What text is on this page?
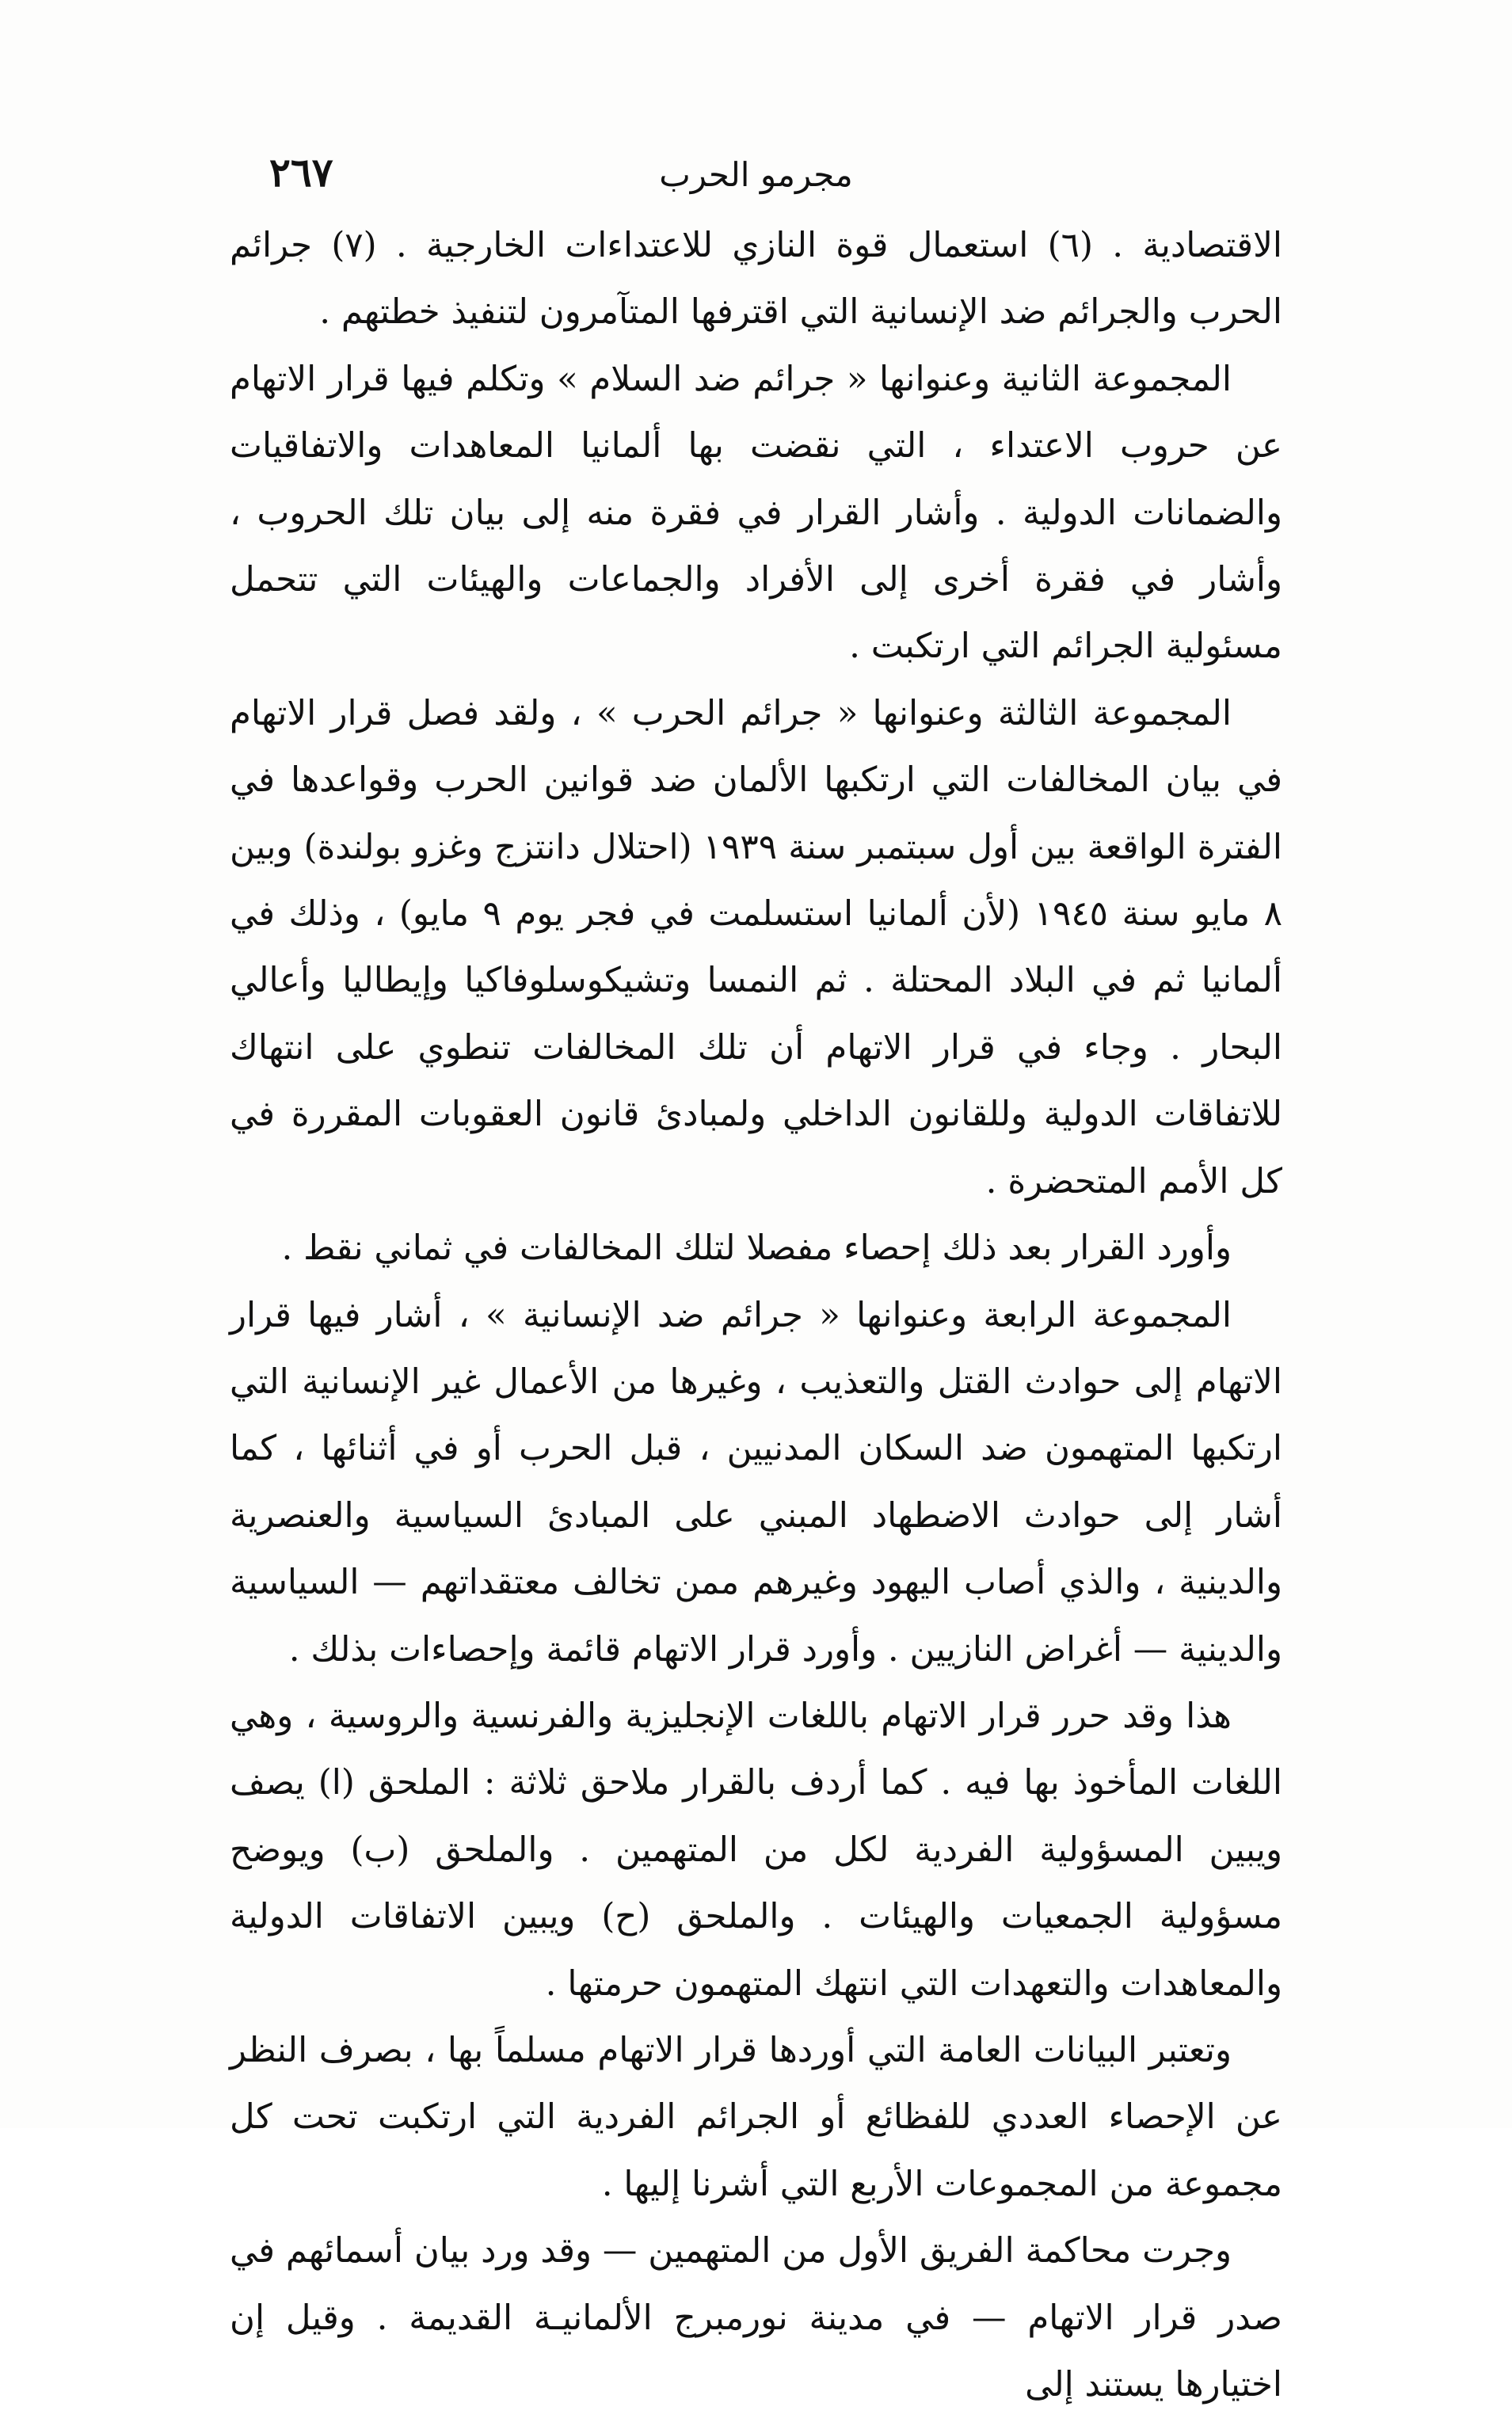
٢٦٧	مجرمو الحرب

الاقتصادية . (٦) استعمال قوة النازي للاعتداءات الخارجية . (٧) جرائم الحرب والجرائم ضد الإنسانية التي اقترفها المتآمرون لتنفيذ خطتهم .

المجموعة الثانية وعنوانها « جرائم ضد السلام » وتكلم فيها قرار الاتهام عن حروب الاعتداء ، التي نقضت بها ألمانيا المعاهدات والاتفاقيات والضمانات الدولية . وأشار القرار في فقرة منه إلى بيان تلك الحروب ، وأشار في فقرة أخرى إلى الأفراد والجماعات والهيئات التي تتحمل مسئولية الجرائم التي ارتكبت .

المجموعة الثالثة وعنوانها « جرائم الحرب » ، ولقد فصل قرار الاتهام في بيان المخالفات التي ارتكبها الألمان ضد قوانين الحرب وقواعدها في الفترة الواقعة بين أول سبتمبر سنة ١٩٣٩ (احتلال دانتزج وغزو بولندة) وبين ٨ مايو سنة ١٩٤٥ (لأن ألمانيا استسلمت في فجر يوم ٩ مايو) ، وذلك في ألمانيا ثم في البلاد المحتلة . ثم النمسا وتشيكوسلوفاكيا وإيطاليا وأعالي البحار . وجاء في قرار الاتهام أن تلك المخالفات تنطوي على انتهاك للاتفاقات الدولية وللقانون الداخلي ولمبادئ قانون العقوبات المقررة في كل الأمم المتحضرة .

وأورد القرار بعد ذلك إحصاء مفصلا لتلك المخالفات في ثماني نقط .

المجموعة الرابعة وعنوانها « جرائم ضد الإنسانية » ، أشار فيها قرار الاتهام إلى حوادث القتل والتعذيب ، وغيرها من الأعمال غير الإنسانية التي ارتكبها المتهمون ضد السكان المدنيين ، قبل الحرب أو في أثنائها ، كما أشار إلى حوادث الاضطهاد المبني على المبادئ السياسية والعنصرية والدينية ، والذي أصاب اليهود وغيرهم ممن تخالف معتقداتهم — السياسية والدينية — أغراض النازيين . وأورد قرار الاتهام قائمة وإحصاءات بذلك .

هذا وقد حرر قرار الاتهام باللغات الإنجليزية والفرنسية والروسية ، وهي اللغات المأخوذ بها فيه . كما أردف بالقرار ملاحق ثلاثة : الملحق (ا) يصف ويبين المسؤولية الفردية لكل من المتهمين . والملحق (ب) ويوضح مسؤولية الجمعيات والهيئات . والملحق (ح) ويبين الاتفاقات الدولية والمعاهدات والتعهدات التي انتهك المتهمون حرمتها .

وتعتبر البيانات العامة التي أوردها قرار الاتهام مسلماً بها ، بصرف النظر عن الإحصاء العددي للفظائع أو الجرائم الفردية التي ارتكبت تحت كل مجموعة من المجموعات الأربع التي أشرنا إليها .

وجرت محاكمة الفريق الأول من المتهمين — وقد ورد بيان أسمائهم في صدر قرار الاتهام — في مدينة نورمبرج الألمانيـة القديمة . وقيل إن اختيارها يستند إلى
